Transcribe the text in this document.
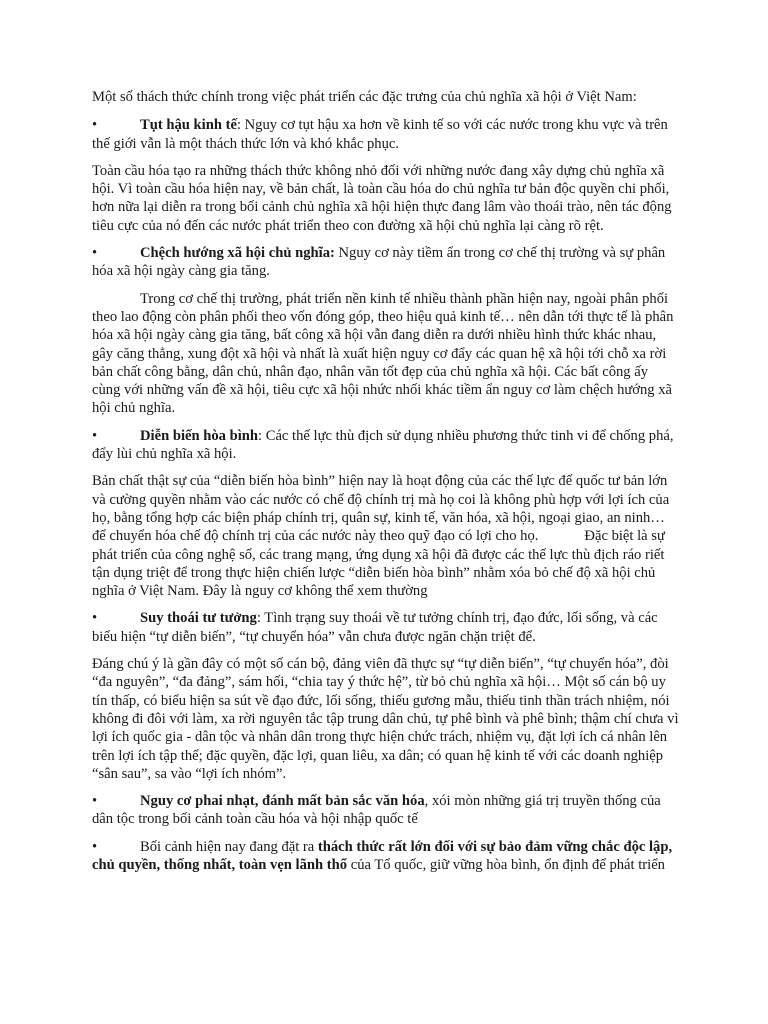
Một số thách thức chính trong việc phát triển các đặc trưng của chủ nghĩa xã hội ở Việt Nam:

•	Tụt hậu kinh tế: Nguy cơ tụt hậu xa hơn về kinh tế so với các nước trong khu vực và trên thế giới vẫn là một thách thức lớn và khó khắc phục.

Toàn cầu hóa tạo ra những thách thức không nhỏ đối với những nước đang xây dựng chủ nghĩa xã hội. Vì toàn cầu hóa hiện nay, về bản chất, là toàn cầu hóa do chủ nghĩa tư bản độc quyền chi phối, hơn nữa lại diễn ra trong bối cảnh chủ nghĩa xã hội hiện thực đang lâm vào thoái trào, nên tác động tiêu cực của nó đến các nước phát triển theo con đường xã hội chủ nghĩa lại càng rõ rệt.

•	Chệch hướng xã hội chủ nghĩa: Nguy cơ này tiềm ẩn trong cơ chế thị trường và sự phân hóa xã hội ngày càng gia tăng.

Trong cơ chế thị trường, phát triển nền kinh tế nhiều thành phần hiện nay, ngoài phân phối theo lao động còn phân phối theo vốn đóng góp, theo hiệu quả kinh tế… nên dẫn tới thực tế là phân hóa xã hội ngày càng gia tăng, bất công xã hội vẫn đang diễn ra dưới nhiều hình thức khác nhau, gây căng thẳng, xung đột xã hội và nhất là xuất hiện nguy cơ đẩy các quan hệ xã hội tới chỗ xa rời bản chất công bằng, dân chủ, nhân đạo, nhân văn tốt đẹp của chủ nghĩa xã hội. Các bất công ấy cùng với những vấn đề xã hội, tiêu cực xã hội nhức nhối khác tiềm ẩn nguy cơ làm chệch hướng xã hội chủ nghĩa.

•	Diễn biến hòa bình: Các thế lực thù địch sử dụng nhiều phương thức tinh vi để chống phá, đẩy lùi chủ nghĩa xã hội.

Bản chất thật sự của “diễn biến hòa bình” hiện nay là hoạt động của các thế lực đế quốc tư bản lớn và cường quyền nhằm vào các nước có chế độ chính trị mà họ coi là không phù hợp với lợi ích của họ, bằng tổng hợp các biện pháp chính trị, quân sự, kinh tế, văn hóa, xã hội, ngoại giao, an ninh… để chuyển hóa chế độ chính trị của các nước này theo quỹ đạo có lợi cho họ.	Đặc biệt là sự phát triển của công nghệ số, các trang mạng, ứng dụng xã hội đã được các thế lực thù địch ráo riết tận dụng triệt để trong thực hiện chiến lược “diễn biến hòa bình” nhằm xóa bỏ chế độ xã hội chủ nghĩa ở Việt Nam. Đây là nguy cơ không thể xem thường

•	Suy thoái tư tưởng: Tình trạng suy thoái về tư tưởng chính trị, đạo đức, lối sống, và các biểu hiện “tự diễn biến”, “tự chuyển hóa” vẫn chưa được ngăn chặn triệt để.

Đáng chú ý là gần đây có một số cán bộ, đảng viên đã thực sự “tự diễn biến”, “tự chuyển hóa”, đòi “đa nguyên”, “đa đảng”, sám hối, “chia tay ý thức hệ”, từ bỏ chủ nghĩa xã hội… Một số cán bộ uy tín thấp, có biểu hiện sa sút về đạo đức, lối sống, thiếu gương mẫu, thiếu tinh thần trách nhiệm, nói không đi đôi với làm, xa rời nguyên tắc tập trung dân chủ, tự phê bình và phê bình; thậm chí chưa vì lợi ích quốc gia - dân tộc và nhân dân trong thực hiện chức trách, nhiệm vụ, đặt lợi ích cá nhân lên trên lợi ích tập thể; đặc quyền, đặc lợi, quan liêu, xa dân; có quan hệ kinh tế với các doanh nghiệp “sân sau”, sa vào “lợi ích nhóm”.

•	Nguy cơ phai nhạt, đánh mất bản sắc văn hóa, xói mòn những giá trị truyền thống của dân tộc trong bối cảnh toàn cầu hóa và hội nhập quốc tế

•	Bối cảnh hiện nay đang đặt ra thách thức rất lớn đối với sự bảo đảm vững chắc độc lập, chủ quyền, thống nhất, toàn vẹn lãnh thổ của Tổ quốc, giữ vững hòa bình, ổn định để phát triển
